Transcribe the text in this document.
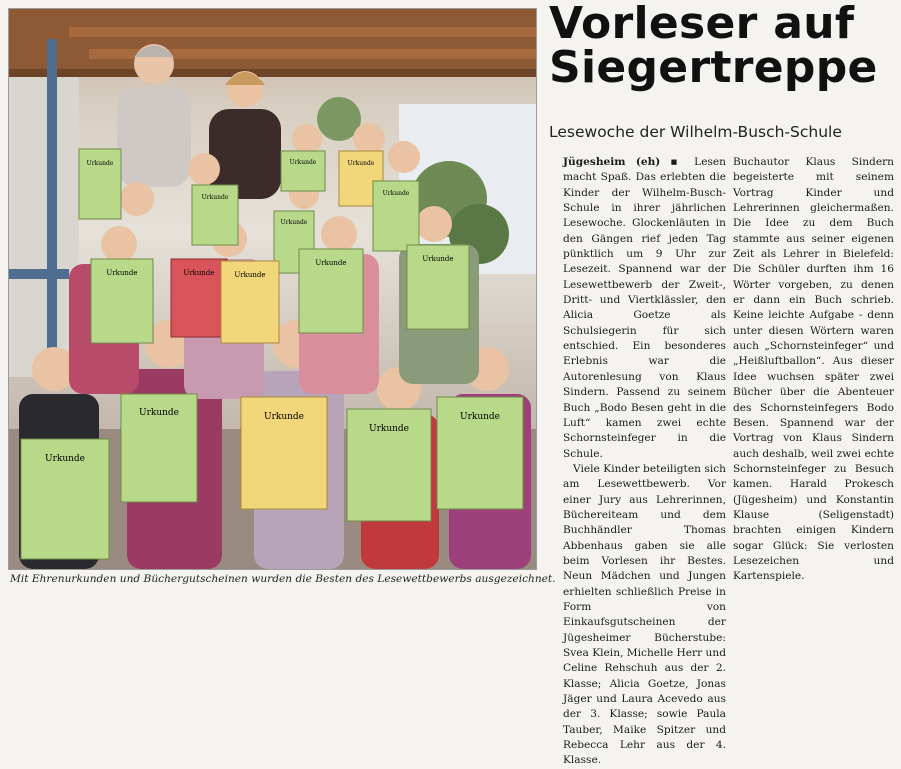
Urkunde
Urkunde
Urkunde	Urkunde
Urkunde
Urkunde
Urkunde	Urkunde	Urkunde
Urkunde	Urkunde
Urkunde
Urkunde	Urkunde
Urkunde
Urkunde
Mit Ehrenurkunden und Büchergutscheinen wurden die Besten des Lesewettbewerbs ausgezeichnet.
Vorleser auf
Siegertreppe
Lesewoche der Wilhelm-Busch-Schule

Jügesheim (eh) ▪ Lesen macht Spaß. Das erlebten die Kinder der Wilhelm-Busch-Schule in ihrer jährlichen Lesewoche. Glockenläuten in den Gängen rief jeden Tag pünktlich um 9 Uhr zur Lesezeit. Spannend war der Lesewettbewerb der Zweit-, Dritt- und Viertklässler, den Alicia Goetze als Schulsiegerin für sich entschied. Ein besonderes Erlebnis war die Autorenlesung von Klaus Sindern. Passend zu seinem Buch „Bodo Besen geht in die Luft“ kamen zwei echte Schornsteinfeger in die Schule.

Viele Kinder beteiligten sich am Lesewettbewerb. Vor einer Jury aus Lehrerinnen, Büchereiteam und dem Buchhändler Thomas Abbenhaus gaben sie alle beim Vorlesen ihr Bestes. Neun Mädchen und Jungen erhielten schließlich Preise in Form von Einkaufsgutscheinen der Jügesheimer Bücherstube: Svea Klein, Michelle Herr und Celine Rehschuh aus der 2. Klasse; Alicia Goetze, Jonas Jäger und Laura Acevedo aus der 3. Klasse; sowie Paula Tauber, Maike Spitzer und Rebecca Lehr aus der 4. Klasse.

Buchautor Klaus Sindern begeisterte mit seinem Vortrag Kinder und Lehrerinnen gleichermaßen. Die Idee zu dem Buch stammte aus seiner eigenen Zeit als Lehrer in Bielefeld: Die Schüler durften ihm 16 Wörter vorgeben, zu denen er dann ein Buch schrieb. Keine leichte Aufgabe - denn unter diesen Wörtern waren auch „Schornsteinfeger“ und „Heißluftballon“. Aus dieser Idee wuchsen später zwei Bücher über die Abenteuer des Schornsteinfegers Bodo Besen. Spannend war der Vortrag von Klaus Sindern auch deshalb, weil zwei echte Schornsteinfeger zu Besuch kamen. Harald Prokesch (Jügesheim) und Konstantin Klause (Seligenstadt) brachten einigen Kindern sogar Glück: Sie verlosten Lesezeichen und Kartenspiele.
